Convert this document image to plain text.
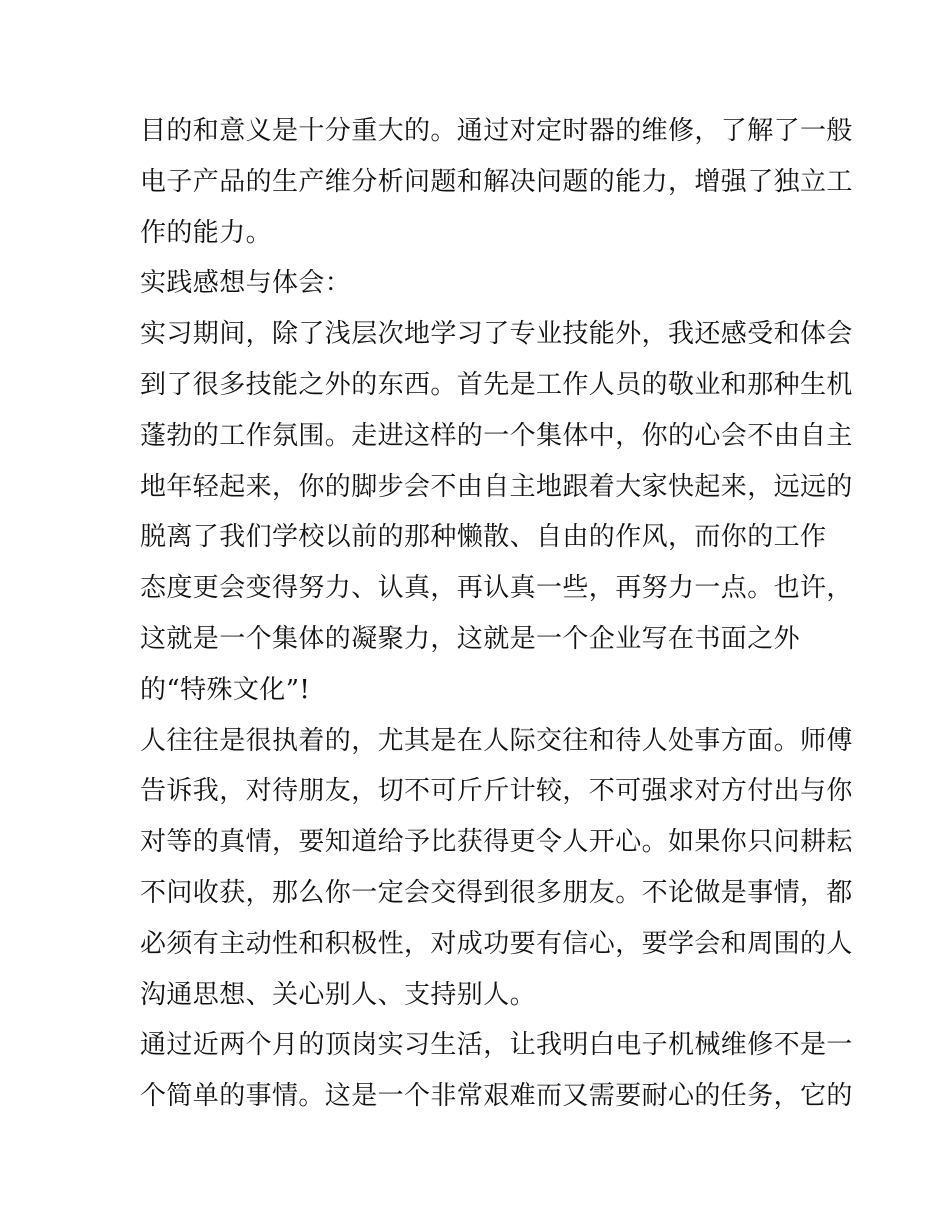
目的和意义是十分重大的。通过对定时器的维修，了解了一般
电子产品的生产维分析问题和解决问题的能力，增强了独立工
作的能力。
实践感想与体会：
实习期间，除了浅层次地学习了专业技能外，我还感受和体会
到了很多技能之外的东西。首先是工作人员的敬业和那种生机
蓬勃的工作氛围。走进这样的一个集体中，你的心会不由自主
地年轻起来，你的脚步会不由自主地跟着大家快起来，远远的
脱离了我们学校以前的那种懒散、自由的作风，而你的工作
态度更会变得努力、认真，再认真一些，再努力一点。也许，
这就是一个集体的凝聚力，这就是一个企业写在书面之外
的“特殊文化”!
人往往是很执着的，尤其是在人际交往和待人处事方面。师傅
告诉我，对待朋友，切不可斤斤计较，不可强求对方付出与你
对等的真情，要知道给予比获得更令人开心。如果你只问耕耘
不问收获，那么你一定会交得到很多朋友。不论做是事情，都
必须有主动性和积极性，对成功要有信心，要学会和周围的人
沟通思想、关心别人、支持别人。
通过近两个月的顶岗实习生活，让我明白电子机械维修不是一
个简单的事情。这是一个非常艰难而又需要耐心的任务，它的
